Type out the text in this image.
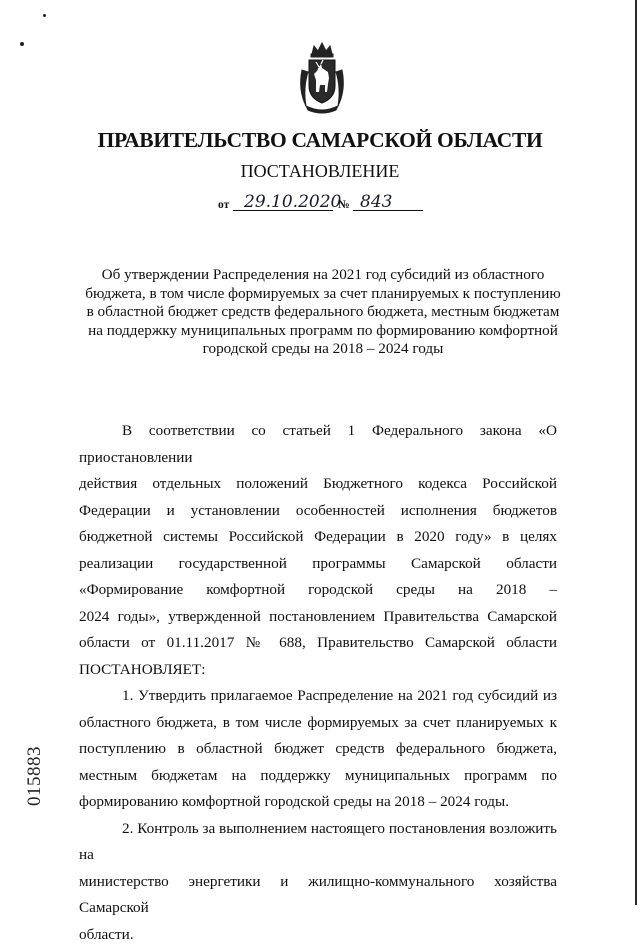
ПРАВИТЕЛЬСТВО САМАРСКОЙ ОБЛАСТИ
ПОСТАНОВЛЕНИЕ
от 29.10.2020
№ 843
Об утверждении Распределения на 2021 год субсидий из областного
бюджета, в том числе формируемых за счет планируемых к поступлению
в областной бюджет средств федерального бюджета, местным бюджетам
на поддержку муниципальных программ по формированию комфортной
городской среды на 2018 – 2024 годы

В соответствии со статьей 1 Федерального закона «О приостановлении

действия отдельных положений Бюджетного кодекса Российской

Федерации и установлении особенностей исполнения бюджетов

бюджетной системы Российской Федерации в 2020 году» в целях

реализации государственной программы Самарской области

«Формирование комфортной городской среды на 2018 –

2024 годы», утвержденной постановлением Правительства Самарской

области от 01.11.2017 № 688, Правительство Самарской области

ПОСТАНОВЛЯЕТ:

1. Утвердить прилагаемое Распределение на 2021 год субсидий из

областного бюджета, в том числе формируемых за счет планируемых к

поступлению в областной бюджет средств федерального бюджета,

местным бюджетам на поддержку муниципальных программ по

формированию комфортной городской среды на 2018 – 2024 годы.

2. Контроль за выполнением настоящего постановления возложить на

министерство энергетики и жилищно-коммунального хозяйства Самарской

области.

015883
